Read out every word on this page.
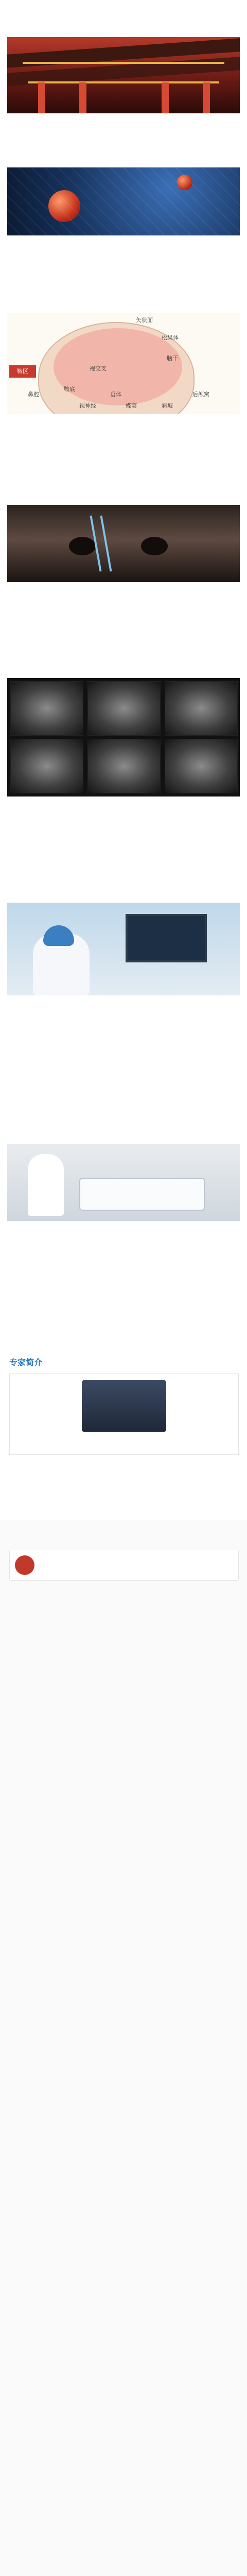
鞍区
矢状面
松果体
脑干
视交叉
鼻腔
鞍底
垂体	后颅窝
视神经	蝶窦	斜坡

专家简介
